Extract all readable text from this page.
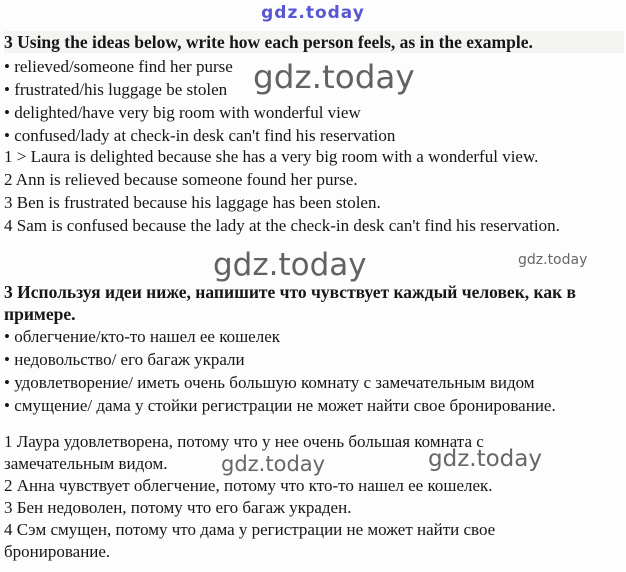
gdz.today
gdz.today
gdz.today	gdz.today
gdz.today	gdz.today
3 Using the ideas below, write how each person feels, as in the example.
• relieved/someone find her purse
• frustrated/his luggage be stolen
• delighted/have very big room with wonderful view
• confused/lady at check-in desk can't find his reservation
1 > Laura is delighted because she has a very big room with a wonderful view.
2 Ann is relieved because someone found her purse.
3 Ben is frustrated because his laggage has been stolen.
4 Sam is confused because the lady at the check-in desk can't find his reservation.
3 Используя идеи ниже, напишите что чувствует каждый человек, как в
примере.
• облегчение/кто-то нашел ее кошелек
• недовольство/ его багаж украли
• удовлетворение/ иметь очень большую комнату с замечательным видом
• смущение/ дама у стойки регистрации не может найти свое бронирование.
1 Лаура удовлетворена, потому что у нее очень большая комната с
замечательным видом.
2 Анна чувствует облегчение, потому что кто-то нашел ее кошелек.
3 Бен недоволен, потому что его багаж украден.
4 Сэм смущен, потому что дама у регистрации не может найти свое
бронирование.
